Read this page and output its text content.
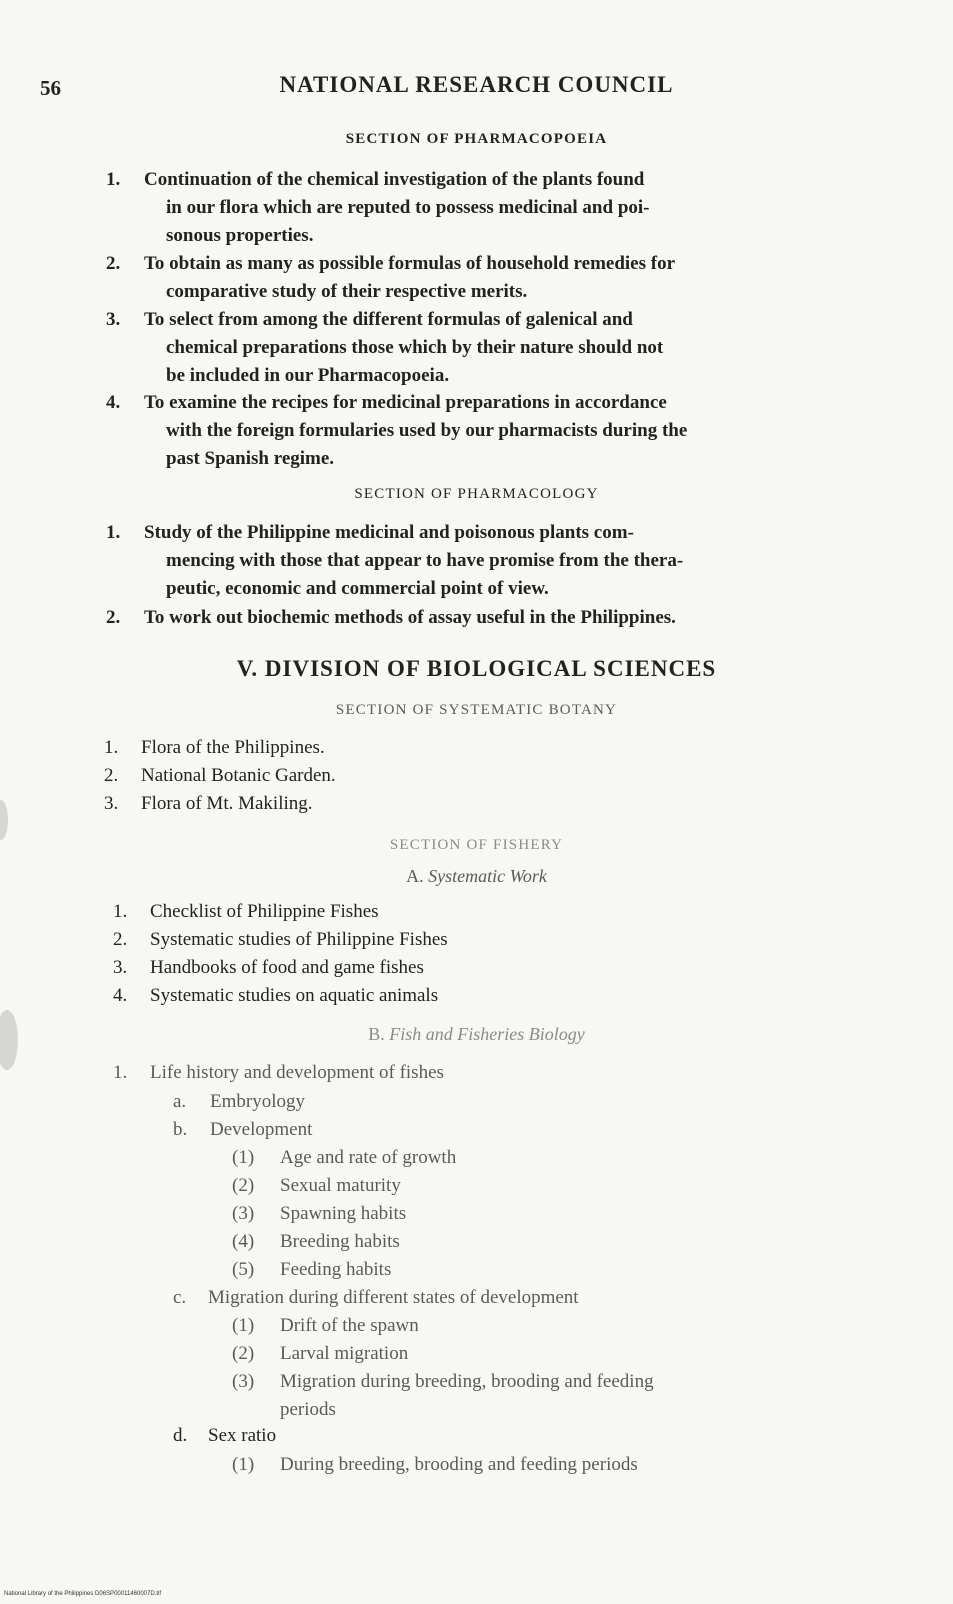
56	NATIONAL RESEARCH COUNCIL
SECTION OF PHARMACOPOEIA
1. Continuation of the chemical investigation of the plants found
in our flora which are reputed to possess medicinal and poi-
sonous properties.
2. To obtain as many as possible formulas of household remedies for
comparative study of their respective merits.
3. To select from among the different formulas of galenical and
chemical preparations those which by their nature should not
be included in our Pharmacopoeia.
4. To examine the recipes for medicinal preparations in accordance
with the foreign formularies used by our pharmacists during the
past Spanish regime.
SECTION OF PHARMACOLOGY
1. Study of the Philippine medicinal and poisonous plants com-
mencing with those that appear to have promise from the thera-
peutic, economic and commercial point of view.
2. To work out biochemic methods of assay useful in the Philippines.
V. DIVISION OF BIOLOGICAL SCIENCES
SECTION OF SYSTEMATIC BOTANY
1. Flora of the Philippines.
2. National Botanic Garden.
3. Flora of Mt. Makiling.
SECTION OF FISHERY
A. Systematic Work
1. Checklist of Philippine Fishes
2. Systematic studies of Philippine Fishes
3. Handbooks of food and game fishes
4. Systematic studies on aquatic animals
B. Fish and Fisheries Biology
1. Life history and development of fishes
a. Embryology
b. Development
(1) Age and rate of growth
(2) Sexual maturity
(3) Spawning habits
(4) Breeding habits
(5) Feeding habits
c. Migration during different states of development
(1) Drift of the spawn
(2) Larval migration
(3) Migration during breeding, brooding and feeding
periods
d. Sex ratio
(1) During breeding, brooding and feeding periods
National Library of the Philippines D06SP00011460007D.tif
